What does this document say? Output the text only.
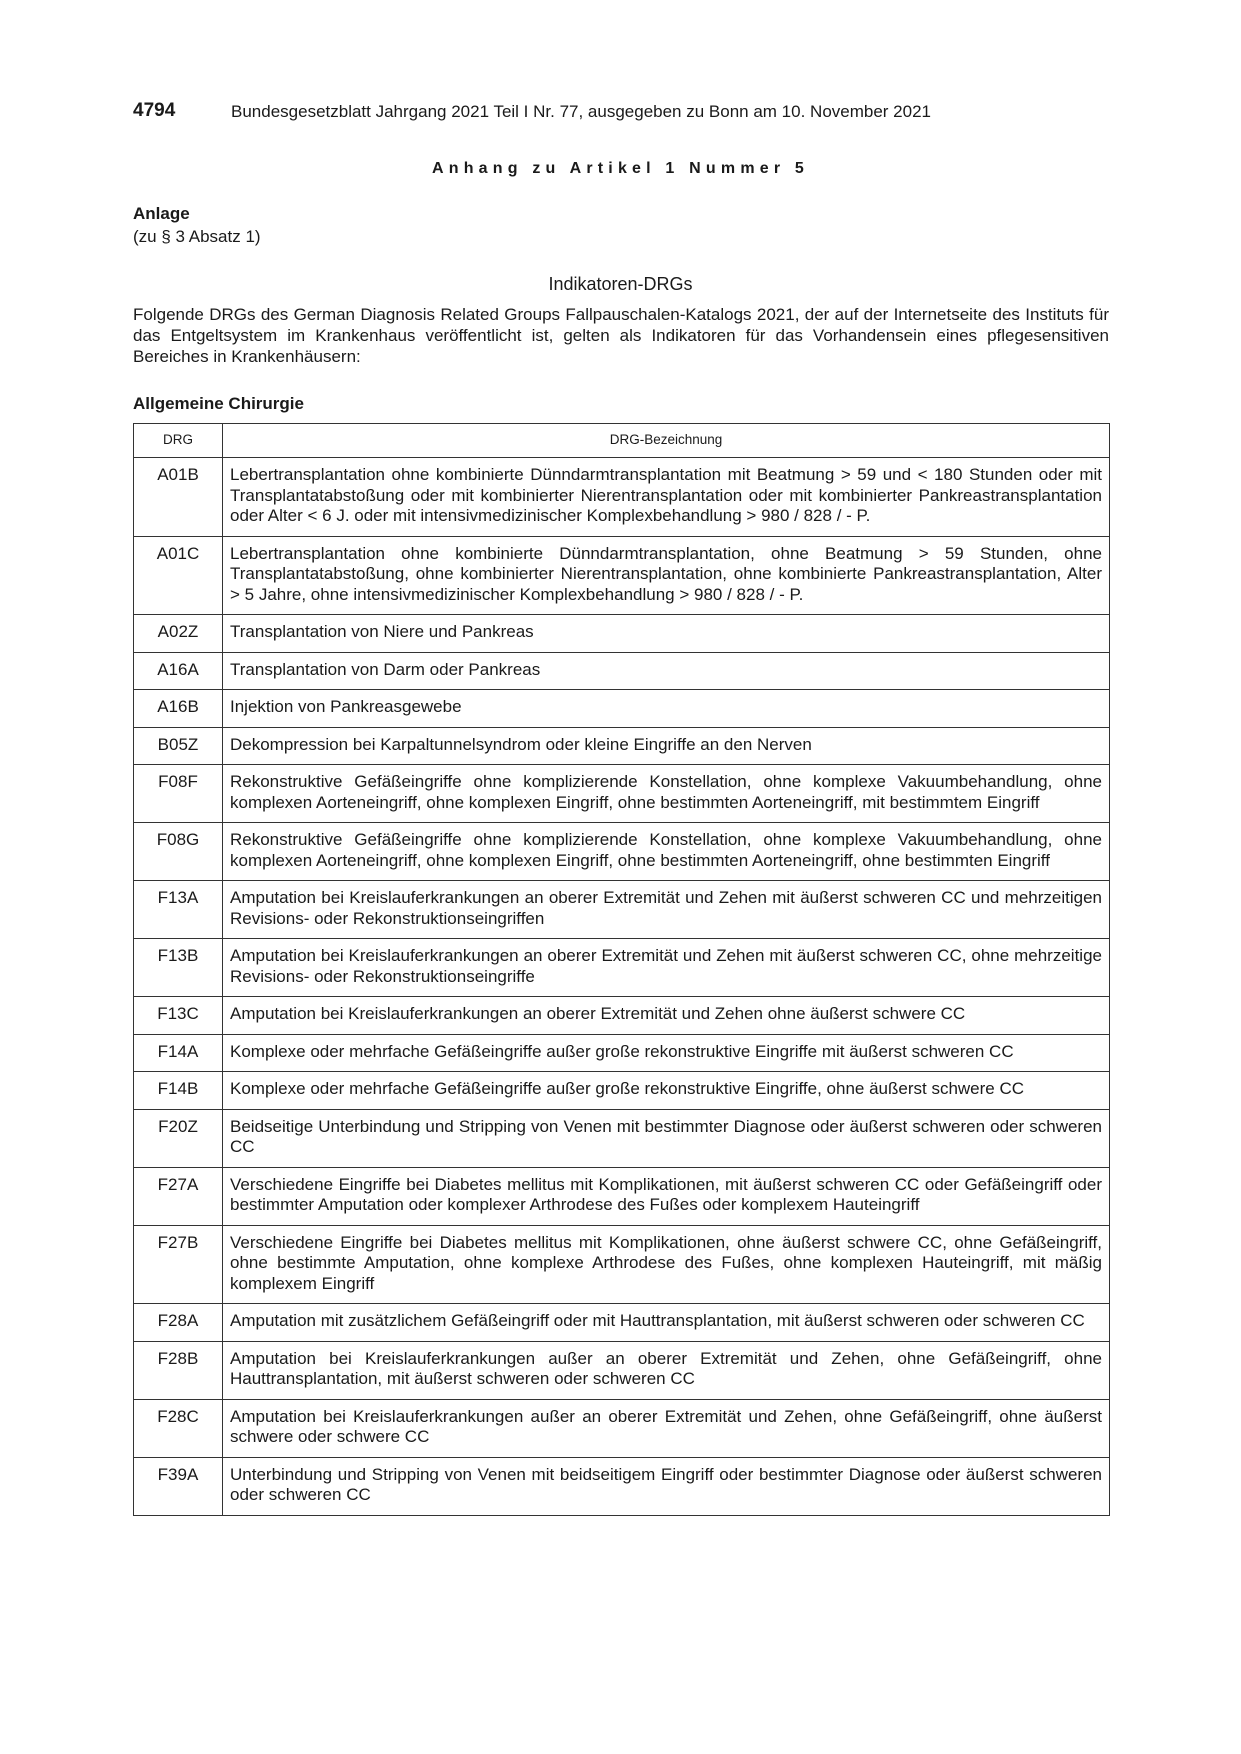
4794	Bundesgesetzblatt Jahrgang 2021 Teil I Nr. 77, ausgegeben zu Bonn am 10. November 2021
Anhang zu Artikel 1 Nummer 5
Anlage
(zu § 3 Absatz 1)
Indikatoren-DRGs
Folgende DRGs des German Diagnosis Related Groups Fallpauschalen-Katalogs 2021, der auf der Internetseite des Instituts für das Entgeltsystem im Krankenhaus veröffentlicht ist, gelten als Indikatoren für das Vorhandensein eines pflegesensitiven Bereiches in Krankenhäusern:
Allgemeine Chirurgie
DRG	DRG-Bezeichnung
A01B	Lebertransplantation ohne kombinierte Dünndarmtransplantation mit Beatmung > 59 und < 180 Stunden oder mit Transplantatabstoßung oder mit kombinierter Nierentransplantation oder mit kombinierter Pankreastransplantation oder Alter < 6 J. oder mit intensivmedizinischer Komplexbehandlung > 980 / 828 / - P.
A01C	Lebertransplantation ohne kombinierte Dünndarmtransplantation, ohne Beatmung > 59 Stunden, ohne Transplantatabstoßung, ohne kombinierter Nierentransplantation, ohne kombinierte Pankreastransplantation, Alter > 5 Jahre, ohne intensivmedizinischer Komplexbehandlung > 980 / 828 / - P.
A02Z	Transplantation von Niere und Pankreas
A16A	Transplantation von Darm oder Pankreas
A16B	Injektion von Pankreasgewebe
B05Z	Dekompression bei Karpaltunnelsyndrom oder kleine Eingriffe an den Nerven
F08F	Rekonstruktive Gefäßeingriffe ohne komplizierende Konstellation, ohne komplexe Vakuumbehandlung, ohne komplexen Aorteneingriff, ohne komplexen Eingriff, ohne bestimmten Aorteneingriff, mit bestimmtem Eingriff
F08G	Rekonstruktive Gefäßeingriffe ohne komplizierende Konstellation, ohne komplexe Vakuumbehandlung, ohne komplexen Aorteneingriff, ohne komplexen Eingriff, ohne bestimmten Aorteneingriff, ohne bestimmten Eingriff
F13A	Amputation bei Kreislauferkrankungen an oberer Extremität und Zehen mit äußerst schweren CC und mehrzeitigen Revisions- oder Rekonstruktionseingriffen
F13B	Amputation bei Kreislauferkrankungen an oberer Extremität und Zehen mit äußerst schweren CC, ohne mehrzeitige Revisions- oder Rekonstruktionseingriffe
F13C	Amputation bei Kreislauferkrankungen an oberer Extremität und Zehen ohne äußerst schwere CC
F14A	Komplexe oder mehrfache Gefäßeingriffe außer große rekonstruktive Eingriffe mit äußerst schweren CC
F14B	Komplexe oder mehrfache Gefäßeingriffe außer große rekonstruktive Eingriffe, ohne äußerst schwere CC
F20Z	Beidseitige Unterbindung und Stripping von Venen mit bestimmter Diagnose oder äußerst schweren oder schweren CC
F27A	Verschiedene Eingriffe bei Diabetes mellitus mit Komplikationen, mit äußerst schweren CC oder Gefäßeingriff oder bestimmter Amputation oder komplexer Arthrodese des Fußes oder komplexem Hauteingriff
F27B	Verschiedene Eingriffe bei Diabetes mellitus mit Komplikationen, ohne äußerst schwere CC, ohne Gefäßeingriff, ohne bestimmte Amputation, ohne komplexe Arthrodese des Fußes, ohne komplexen Hauteingriff, mit mäßig komplexem Eingriff
F28A	Amputation mit zusätzlichem Gefäßeingriff oder mit Hauttransplantation, mit äußerst schweren oder schweren CC
F28B	Amputation bei Kreislauferkrankungen außer an oberer Extremität und Zehen, ohne Gefäßeingriff, ohne Hauttransplantation, mit äußerst schweren oder schweren CC
F28C	Amputation bei Kreislauferkrankungen außer an oberer Extremität und Zehen, ohne Gefäßeingriff, ohne äußerst schwere oder schwere CC
F39A	Unterbindung und Stripping von Venen mit beidseitigem Eingriff oder bestimmter Diagnose oder äußerst schweren oder schweren CC
